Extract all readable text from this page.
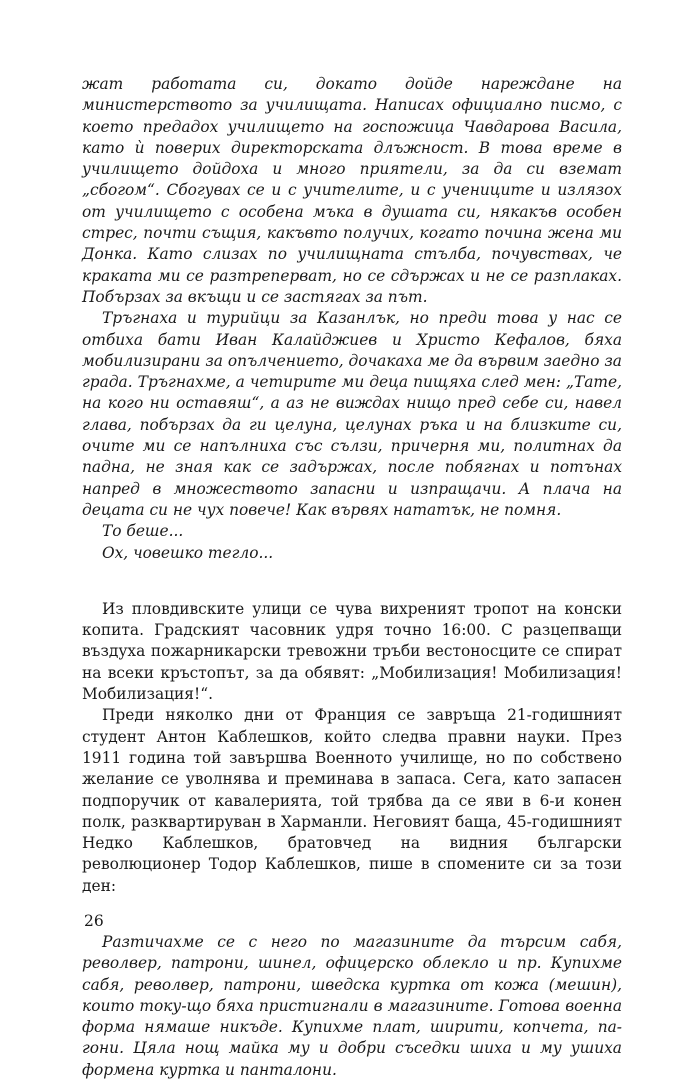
жат работата си, докато дойде нареждане на министерството за училищата. Написах официално писмо, с което предадох училището на госпожица Чавдарова Васила, като ѝ поверих директорската длъжност. В това време в училището дойдоха и много приятели, за да си вземат „сбогом“. Сбогувах се и с учителите, и с учениците и излязох от училището с особена мъка в душата си, някакъв особен стрес, почти същия, какъвто получих, когато почина жена ми Донка. Като слизах по училищната стълба, почувствах, че краката ми се разтреперват, но се сдържах и не се разплаках. Побързах за вкъщи и се застягах за път.

Тръгнаха и турийци за Казанлък, но преди това у нас се отбиха бати Иван Калайджиев и Христо Кефалов, бяха мобилизирани за опълчението, дочакаха ме да вървим заедно за града. Тръгнахме, а четирите ми деца пищяха след мен: „Тате, на кого ни оставяш“, а аз не виждах нищо пред себе си, навел глава, побързах да ги целуна, целунах ръка и на близките си, очите ми се напълниха със сълзи, причерня ми, политнах да падна, не зная как се задържах, после побягнах и потънах напред в множеството запасни и изпращачи. А плача на децата си не чух повече! Как вървях нататък, не помня.

То беше...

Ох, човешко тегло...

Из пловдивските улици се чува вихреният тропот на конски копита. Градският часовник удря точно 16:00. С разцепващи въздуха пожарникарски тревожни тръби вестоносците се спират на всеки кръстопът, за да обявят: „Мобилизация! Мобилизация! Мобилизация!“.

Преди няколко дни от Франция се завръща 21-годишният студент Антон Каблешков, който следва правни науки. През 1911 година той завършва Военното училище, но по собствено желание се уволнява и преминава в запаса. Сега, като запасен подпоручик от кавалерията, той трябва да се яви в 6-и конен полк, разквартируван в Харманли. Неговият баща, 45-годишният Недко Каблешков, братовчед на видния български революционер Тодор Каблешков, пише в спомените си за този ден:

Разтичахме се с него по магазините да търсим сабя, револвер, патрони, шинел, офицерско облекло и пр. Купихме сабя, револвер, патрони, шведска куртка от кожа (мешин), които току-що бяха пристигнали в магазините. Готова военна форма нямаше никъде. Купихме плат, ширити, копчета, пагони. Цяла нощ майка му и добри съседки шиха и му ушиха формена куртка и панталони.

26
